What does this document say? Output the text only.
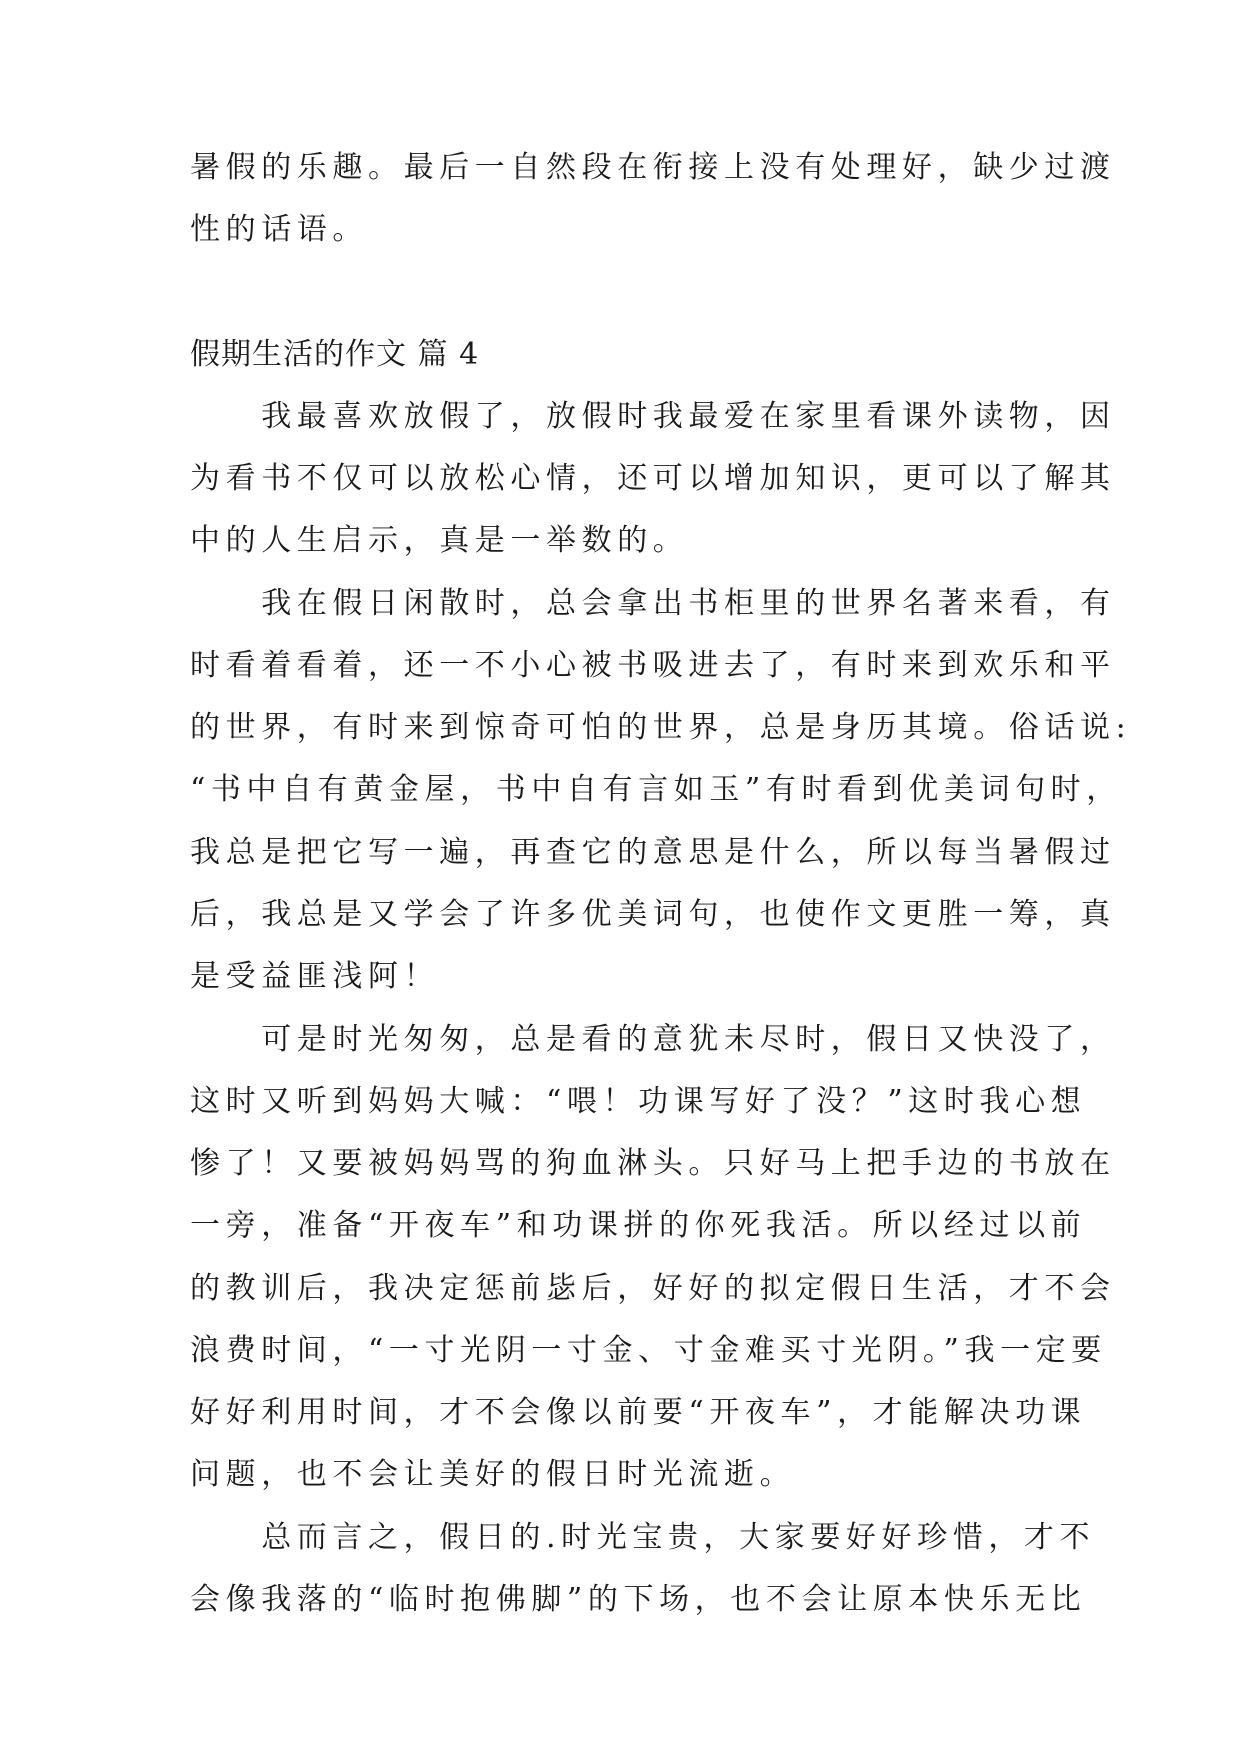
暑假的乐趣。最后一自然段在衔接上没有处理好，缺少过渡
性的话语。
假期生活的作文 篇 4
　　我最喜欢放假了，放假时我最爱在家里看课外读物，因
为看书不仅可以放松心情，还可以增加知识，更可以了解其
中的人生启示，真是一举数的。
　　我在假日闲散时，总会拿出书柜里的世界名著来看，有
时看着看着，还一不小心被书吸进去了，有时来到欢乐和平
的世界，有时来到惊奇可怕的世界，总是身历其境。俗话说:
“书中自有黄金屋，书中自有言如玉”有时看到优美词句时，
我总是把它写一遍，再查它的意思是什么，所以每当暑假过
后，我总是又学会了许多优美词句，也使作文更胜一筹，真
是受益匪浅阿！
　　可是时光匆匆，总是看的意犹未尽时，假日又快没了，
这时又听到妈妈大喊：“喂！功课写好了没？”这时我心想
惨了！又要被妈妈骂的狗血淋头。只好马上把手边的书放在
一旁，准备“开夜车”和功课拼的你死我活。所以经过以前
的教训后，我决定惩前毖后，好好的拟定假日生活，才不会
浪费时间，“一寸光阴一寸金、寸金难买寸光阴。”我一定要
好好利用时间，才不会像以前要“开夜车”，才能解决功课
问题，也不会让美好的假日时光流逝。
　　总而言之，假日的.时光宝贵，大家要好好珍惜，才不
会像我落的“临时抱佛脚”的下场，也不会让原本快乐无比
